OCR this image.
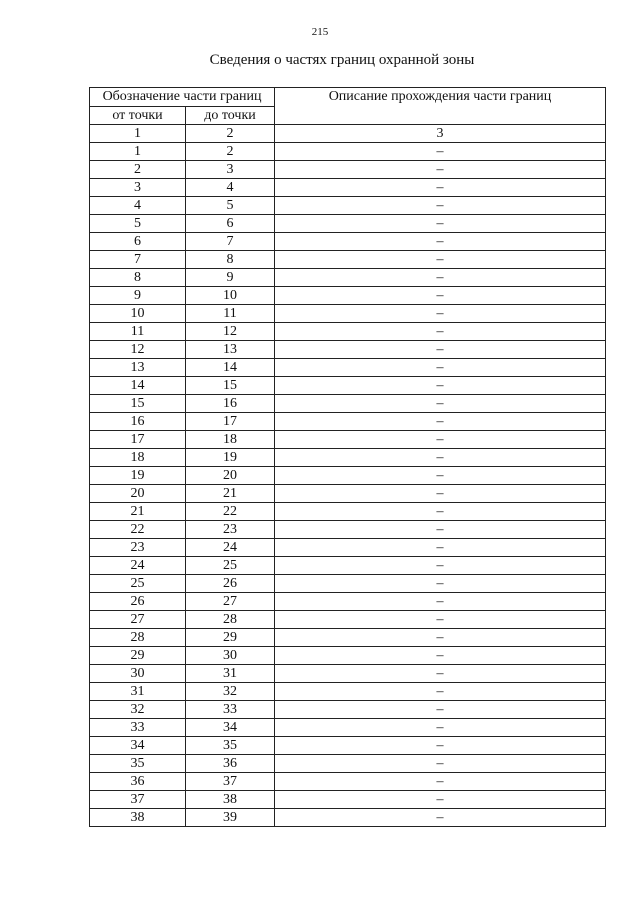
215
Сведения о частях границ охранной зоны
Обозначение части границ		Описание прохождения части границ
от точки	до точки	
1	2	3
1	2	–
2	3	–
3	4	–
4	5	–
5	6	–
6	7	–
7	8	–
8	9	–
9	10	–
10	11	–
11	12	–
12	13	–
13	14	–
14	15	–
15	16	–
16	17	–
17	18	–
18	19	–
19	20	–
20	21	–
21	22	–
22	23	–
23	24	–
24	25	–
25	26	–
26	27	–
27	28	–
28	29	–
29	30	–
30	31	–
31	32	–
32	33	–
33	34	–
34	35	–
35	36	–
36	37	–
37	38	–
38	39	–
